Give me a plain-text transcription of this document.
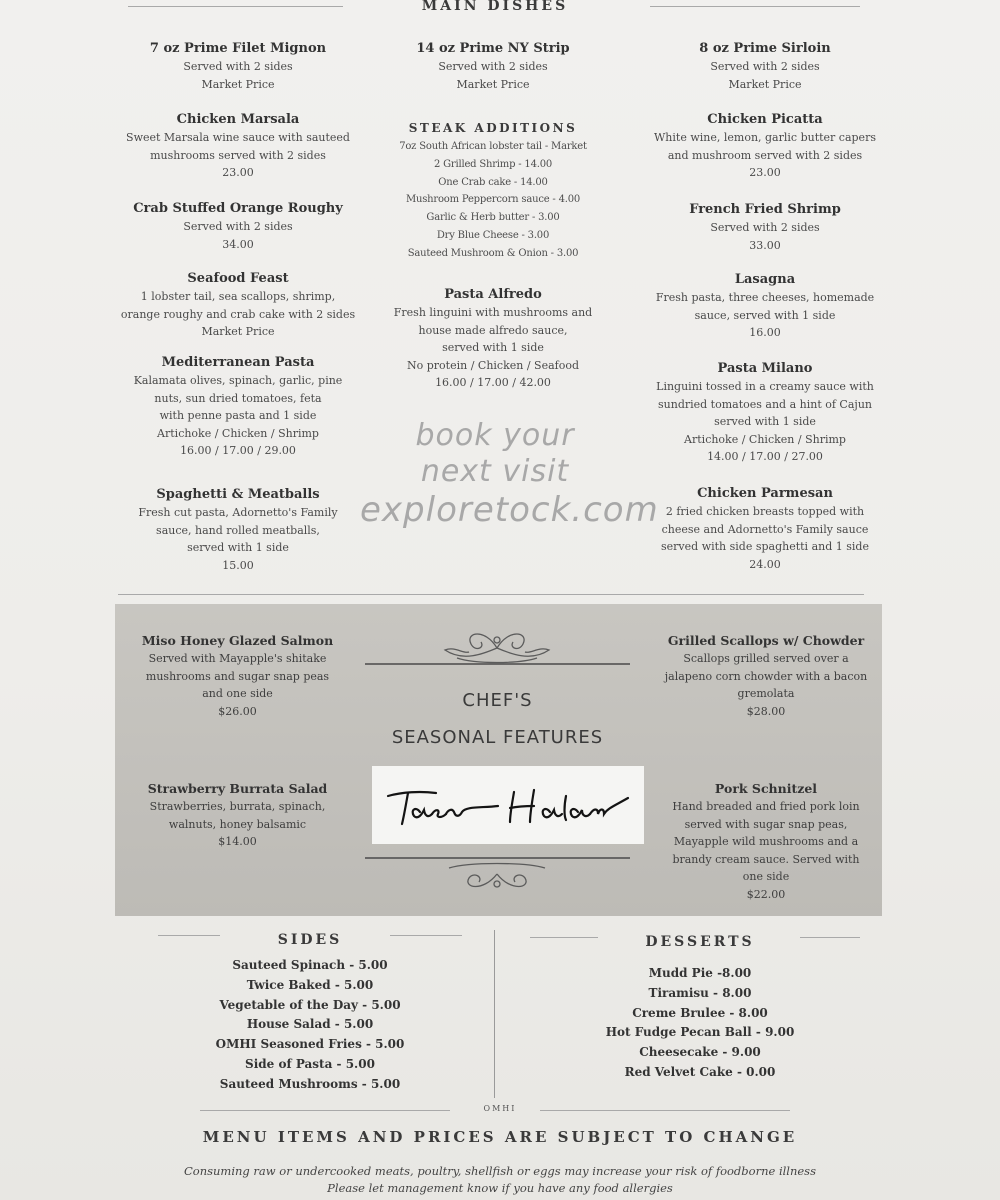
MAIN DISHES
7 oz Prime Filet Mignon
Served with 2 sides
Market Price
Chicken Marsala
Sweet Marsala wine sauce with sauteed
mushrooms served with 2 sides
23.00
Crab Stuffed Orange Roughy
Served with 2 sides
34.00
Seafood Feast
1 lobster tail, sea scallops, shrimp,
orange roughy and crab cake with 2 sides
Market Price
Mediterranean Pasta
Kalamata olives, spinach, garlic, pine
nuts, sun dried tomatoes, feta
with penne pasta and 1 side
Artichoke / Chicken / Shrimp
16.00 / 17.00 / 29.00
Spaghetti & Meatballs
Fresh cut pasta, Adornetto's Family
sauce, hand rolled meatballs,
served with 1 side
15.00
14 oz Prime NY Strip
Served with 2 sides
Market Price
STEAK ADDITIONS
7oz South African lobster tail - Market
2 Grilled Shrimp - 14.00
One Crab cake - 14.00
Mushroom Peppercorn sauce - 4.00
Garlic & Herb butter - 3.00
Dry Blue Cheese - 3.00
Sauteed Mushroom & Onion - 3.00
Pasta Alfredo
Fresh linguini with mushrooms and
house made alfredo sauce,
served with 1 side
No protein / Chicken / Seafood
16.00 / 17.00 / 42.00
book your
next visit
exploretock.com
8 oz Prime Sirloin
Served with 2 sides
Market Price
Chicken Picatta
White wine, lemon, garlic butter capers
and mushroom served with 2 sides
23.00
French Fried Shrimp
Served with 2 sides
33.00
Lasagna
Fresh pasta, three cheeses, homemade
sauce, served with 1 side
16.00
Pasta Milano
Linguini tossed in a creamy sauce with
sundried tomatoes and a hint of Cajun
served with 1 side
Artichoke / Chicken / Shrimp
14.00 / 17.00 / 27.00
Chicken Parmesan
2 fried chicken breasts topped with
cheese and Adornetto's Family sauce
served with side spaghetti and 1 side
24.00
Miso Honey Glazed Salmon
Served with Mayapple's shitake
mushrooms and sugar snap peas
and one side
$26.00
Strawberry Burrata Salad
Strawberries, burrata, spinach,
walnuts, honey balsamic
$14.00
CHEF'S
SEASONAL FEATURES
Grilled Scallops w/ Chowder
Scallops grilled served over a
jalapeno corn chowder with a bacon
gremolata
$28.00
Pork Schnitzel
Hand breaded and fried pork loin
served with sugar snap peas,
Mayapple wild mushrooms and a
brandy cream sauce. Served with
one side
$22.00
SIDES
Sauteed Spinach - 5.00
Twice Baked - 5.00
Vegetable of the Day - 5.00
House Salad - 5.00
OMHI Seasoned Fries - 5.00
Side of Pasta - 5.00
Sauteed Mushrooms - 5.00
DESSERTS
Mudd Pie -8.00
Tiramisu - 8.00
Creme Brulee - 8.00
Hot Fudge Pecan Ball - 9.00
Cheesecake - 9.00
Red Velvet Cake - 0.00
OMHI
MENU ITEMS AND PRICES ARE SUBJECT TO CHANGE
Consuming raw or undercooked meats, poultry, shellfish or eggs may increase your risk of foodborne illness
Please let management know if you have any food allergies
